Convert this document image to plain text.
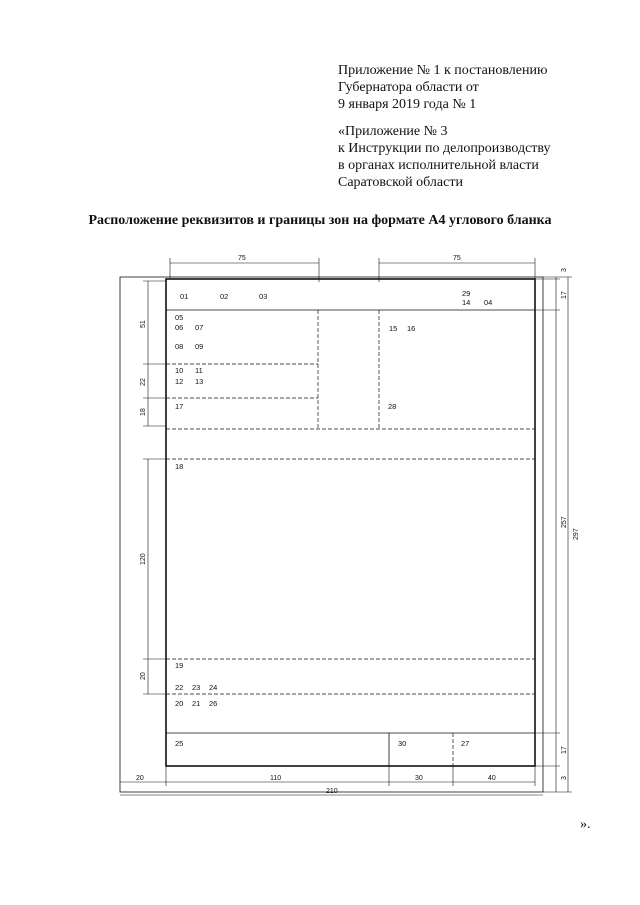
Приложение № 1 к постановлению
Губернатора области от
9 января 2019 года № 1
«Приложение № 3
к Инструкции по делопроизводству
в органах исполнительной власти
Саратовской области
Расположение реквизитов и границы зон на формате А4 углового бланка
01	02	03	29
14 04
05
06 07	15 16
08 09
10 11
12 13
17	28
18
19
22 23 24
20 21 26
25	30	27
75	75
3
17
51
22
18
120
20
257
297
17
3
20	110	30	40
210
».
